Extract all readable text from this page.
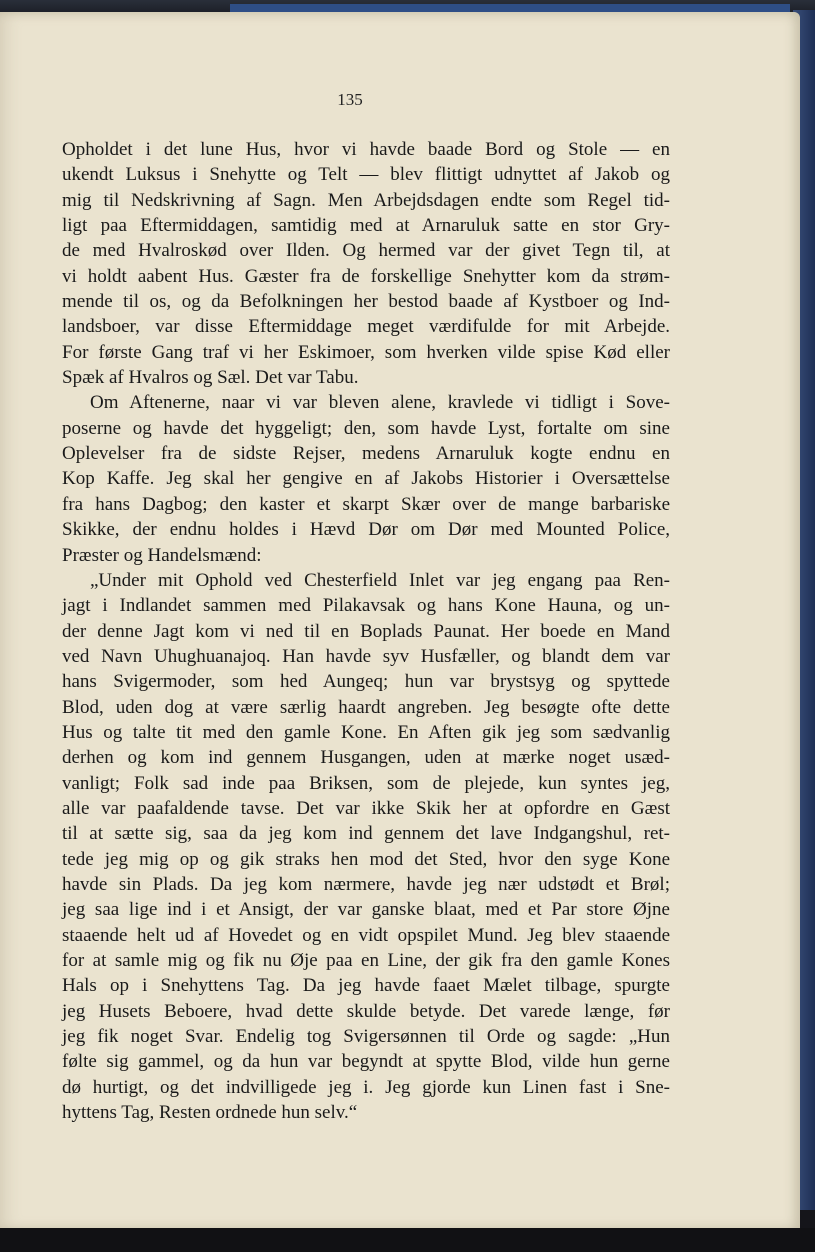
135
Opholdet i det lune Hus, hvor vi havde baade Bord og Stole — en
ukendt Luksus i Snehytte og Telt — blev flittigt udnyttet af Jakob og
mig til Nedskrivning af Sagn. Men Arbejdsdagen endte som Regel tid-
ligt paa Eftermiddagen, samtidig med at Arnaruluk satte en stor Gry-
de med Hvalroskød over Ilden. Og hermed var der givet Tegn til, at
vi holdt aabent Hus. Gæster fra de forskellige Snehytter kom da strøm-
mende til os, og da Befolkningen her bestod baade af Kystboer og Ind-
landsboer, var disse Eftermiddage meget værdifulde for mit Arbejde.
For første Gang traf vi her Eskimoer, som hverken vilde spise Kød eller
Spæk af Hvalros og Sæl. Det var Tabu.
Om Aftenerne, naar vi var bleven alene, kravlede vi tidligt i Sove-
poserne og havde det hyggeligt; den, som havde Lyst, fortalte om sine
Oplevelser fra de sidste Rejser, medens Arnaruluk kogte endnu en
Kop Kaffe. Jeg skal her gengive en af Jakobs Historier i Oversættelse
fra hans Dagbog; den kaster et skarpt Skær over de mange barbariske
Skikke, der endnu holdes i Hævd Dør om Dør med Mounted Police,
Præster og Handelsmænd:
„Under mit Ophold ved Chesterfield Inlet var jeg engang paa Ren-
jagt i Indlandet sammen med Pilakavsak og hans Kone Hauna, og un-
der denne Jagt kom vi ned til en Boplads Paunat. Her boede en Mand
ved Navn Uhughuanajoq. Han havde syv Husfæller, og blandt dem var
hans Svigermoder, som hed Aungeq; hun var brystsyg og spyttede
Blod, uden dog at være særlig haardt angreben. Jeg besøgte ofte dette
Hus og talte tit med den gamle Kone. En Aften gik jeg som sædvanlig
derhen og kom ind gennem Husgangen, uden at mærke noget usæd-
vanligt; Folk sad inde paa Briksen, som de plejede, kun syntes jeg,
alle var paafaldende tavse. Det var ikke Skik her at opfordre en Gæst
til at sætte sig, saa da jeg kom ind gennem det lave Indgangshul, ret-
tede jeg mig op og gik straks hen mod det Sted, hvor den syge Kone
havde sin Plads. Da jeg kom nærmere, havde jeg nær udstødt et Brøl;
jeg saa lige ind i et Ansigt, der var ganske blaat, med et Par store Øjne
staaende helt ud af Hovedet og en vidt opspilet Mund. Jeg blev staaende
for at samle mig og fik nu Øje paa en Line, der gik fra den gamle Kones
Hals op i Snehyttens Tag. Da jeg havde faaet Mælet tilbage, spurgte
jeg Husets Beboere, hvad dette skulde betyde. Det varede længe, før
jeg fik noget Svar. Endelig tog Svigersønnen til Orde og sagde: „Hun
følte sig gammel, og da hun var begyndt at spytte Blod, vilde hun gerne
dø hurtigt, og det indvilligede jeg i. Jeg gjorde kun Linen fast i Sne-
hyttens Tag, Resten ordnede hun selv.“
